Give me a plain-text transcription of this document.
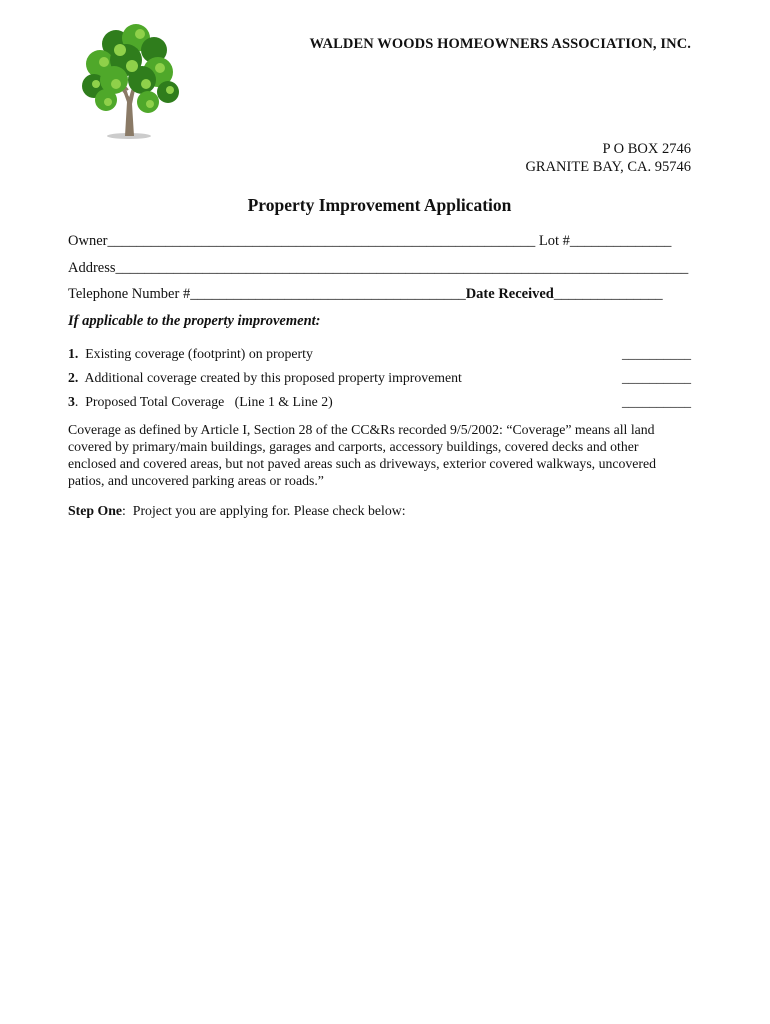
WALDEN WOODS HOMEOWNERS ASSOCIATION, INC.
P O BOX 2746
GRANITE BAY, CA. 95746
Property Improvement Application
Owner___________________________________________________________ Lot #______________
Address_______________________________________________________________________________
Telephone Number #______________________________________Date Received_______________
If applicable to the property improvement:
1.  Existing coverage (footprint) on property	__________
2.  Additional coverage created by this proposed property improvement	__________
3.  Proposed Total Coverage   (Line 1 & Line 2)	__________
Coverage as defined by Article I, Section 28 of the CC&Rs recorded 9/5/2002: “Coverage” means all land covered by primary/main buildings, garages and carports, accessory buildings, covered decks and other enclosed and covered areas, but not paved areas such as driveways, exterior covered walkways, uncovered patios, and uncovered parking areas or roads.”
Step One:  Project you are applying for. Please check below:
